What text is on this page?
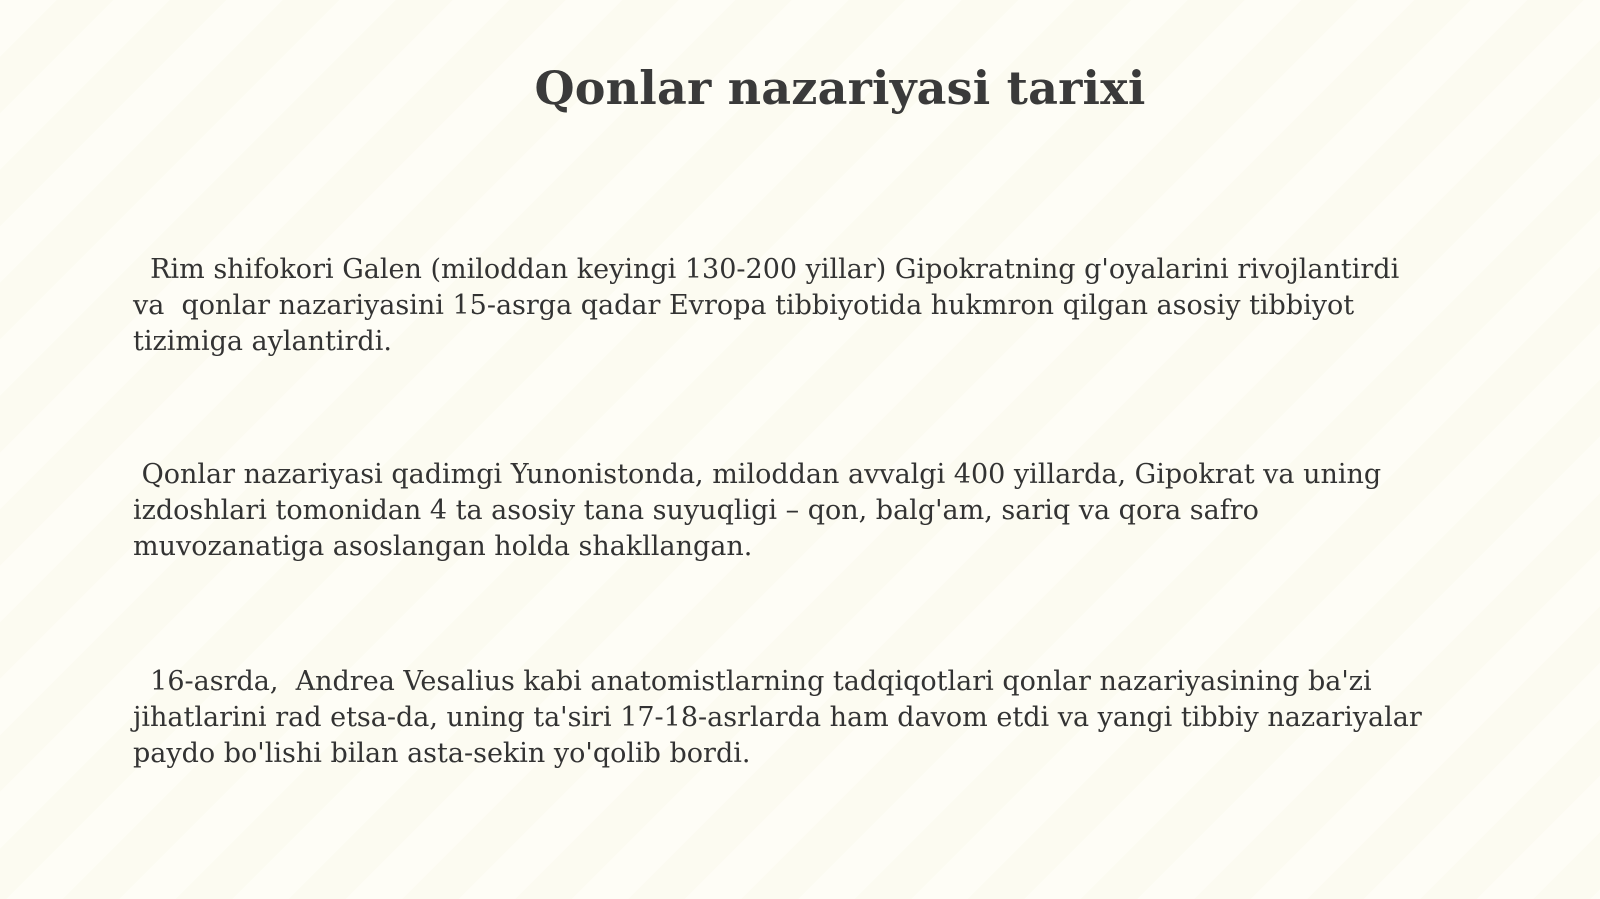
Qonlar nazariyasi tarixi

Rim shifokori Galen (miloddan keyingi 130-200 yillar) Gipokratning g'oyalarini rivojlantirdi
va  qonlar nazariyasini 15-asrga qadar Evropa tibbiyotida hukmron qilgan asosiy tibbiyot
tizimiga aylantirdi.

Qonlar nazariyasi qadimgi Yunonistonda, miloddan avvalgi 400 yillarda, Gipokrat va uning
izdoshlari tomonidan 4 ta asosiy tana suyuqligi – qon, balg'am, sariq va qora safro
muvozanatiga asoslangan holda shakllangan.

16-asrda,  Andrea Vesalius kabi anatomistlarning tadqiqotlari qonlar nazariyasining ba'zi
jihatlarini rad etsa-da, uning ta'siri 17-18-asrlarda ham davom etdi va yangi tibbiy nazariyalar
paydo bo'lishi bilan asta-sekin yo'qolib bordi.
